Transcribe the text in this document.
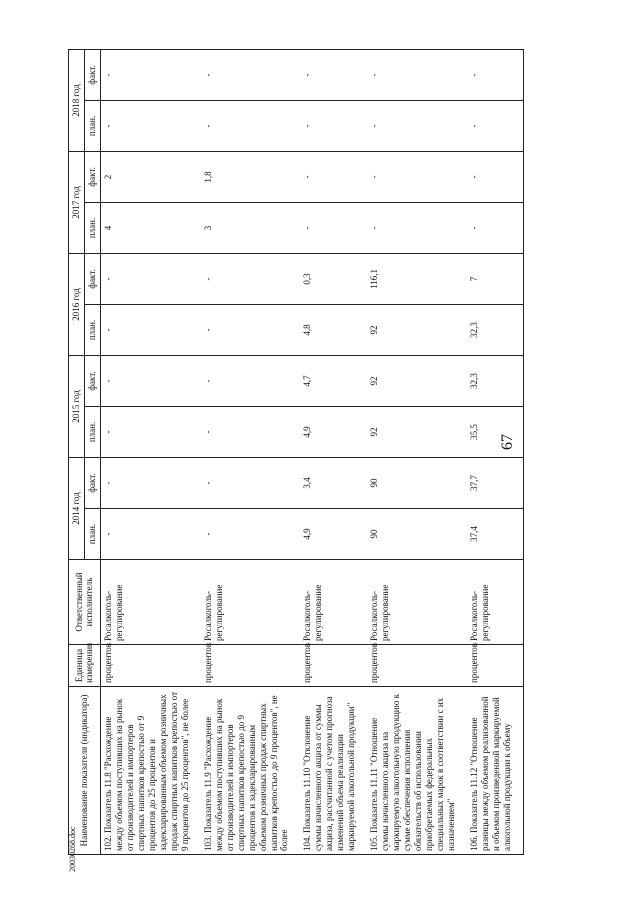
67
Наименование показателя (индикатора)	Единица измерения	Ответственный исполнитель	2014 год		2015 год		2016 год		2017 год		2018 год	
			план.	факт.	план.	факт.	план.	факт.	план.	факт.	план.	факт.
102. Показатель 11.8 "Расхождение между объемом поступивших на рынок от производителей и импортеров спиртных напитков крепостью от 9 процентов до 25 процентов и задекларированным объемом розничных продаж спиртных напитков крепостью от 9 процентов до 25 процентов", не более	процентов	Росалкоголь-регулирование	-	-	-	-	-	-	4	2	-	-
103. Показатель 11.9 "Расхождение между объемом поступивших на рынок от производителей и импортеров спиртных напитков крепостью до 9 процентов и задекларированным объемом розничных продаж спиртных напитков крепостью до 9 процентов", не более	процентов	Росалкоголь-регулирование	-	-	-	-	-	-	3	1,8	-	-
104. Показатель 11.10 "Отклонение суммы начисленного акциза от суммы акциза, рассчитанной с учетом прогноза изменений объема реализации маркируемой алкогольной продукции"	процентов	Росалкоголь-регулирование	4,9	3,4	4,9	4,7	4,8	0,3	-	-	-	-
105. Показатель 11.11 "Отношение суммы начисленного акциза на маркируемую алкогольную продукцию к сумме обеспечения исполнения обязательств об использовании приобретаемых федеральных специальных марок в соответствии с их назначением"	процентов	Росалкоголь-регулирование	90	90	92	92	92	116,1	-	-	-	-
106. Показатель 11.12 "Отношение разницы между объемом реализованной и объемом произведенной маркируемой алкогольной продукции к объему	процентов	Росалкоголь-регулирование	37,4	37,7	35,5	32,3	32,3	7	-	-	-	-
20030268.doc
